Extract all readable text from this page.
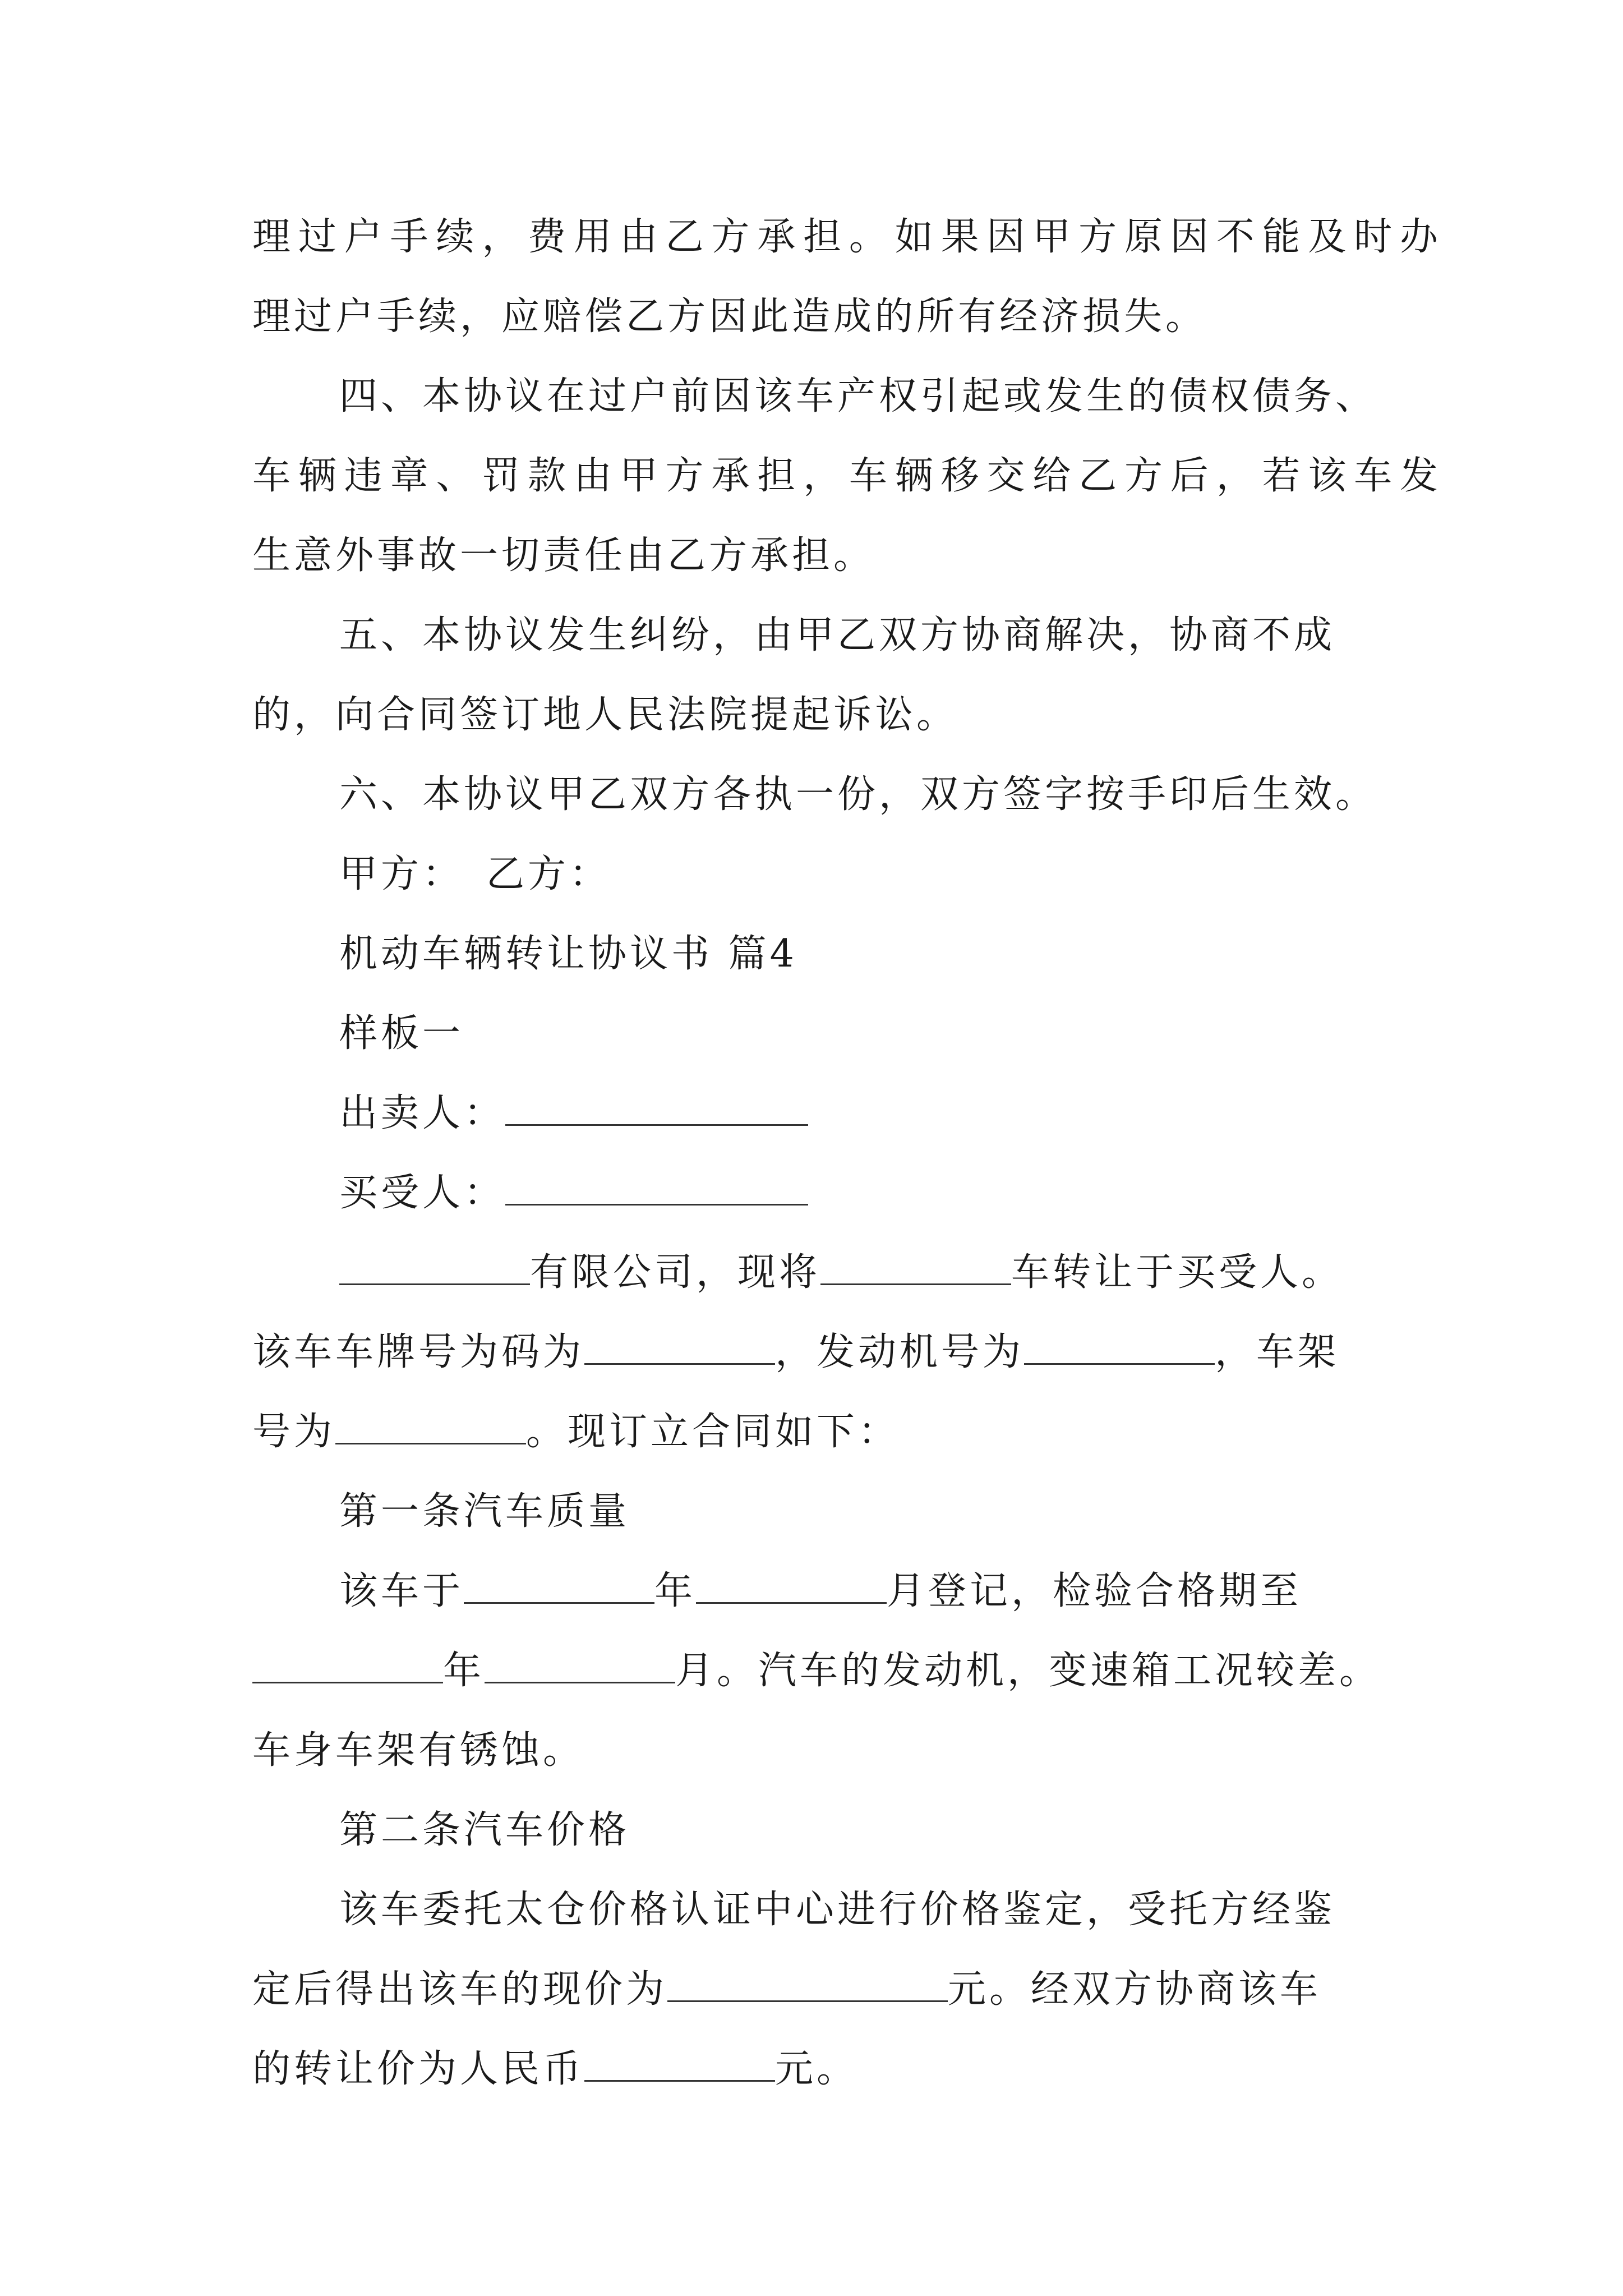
理过户手续，费用由乙方承担。如果因甲方原因不能及时办
理过户手续，应赔偿乙方因此造成的所有经济损失。
四、本协议在过户前因该车产权引起或发生的债权债务、
车辆违章、罚款由甲方承担，车辆移交给乙方后，若该车发
生意外事故一切责任由乙方承担。
五、本协议发生纠纷，由甲乙双方协商解决，协商不成
的，向合同签订地人民法院提起诉讼。
六、本协议甲乙双方各执一份，双方签字按手印后生效。
甲方：　乙方：
机动车辆转让协议书 篇4
样板一
出卖人：
买受人：
有限公司，现将	车转让于买受人。
该车车牌号为码为	，发动机号为	，车架
号为	。现订立合同如下：
第一条汽车质量
该车于	年	月登记，检验合格期至
年	月。汽车的发动机，变速箱工况较差。
车身车架有锈蚀。
第二条汽车价格
该车委托太仓价格认证中心进行价格鉴定，受托方经鉴
定后得出该车的现价为	元。经双方协商该车
的转让价为人民币	元。
